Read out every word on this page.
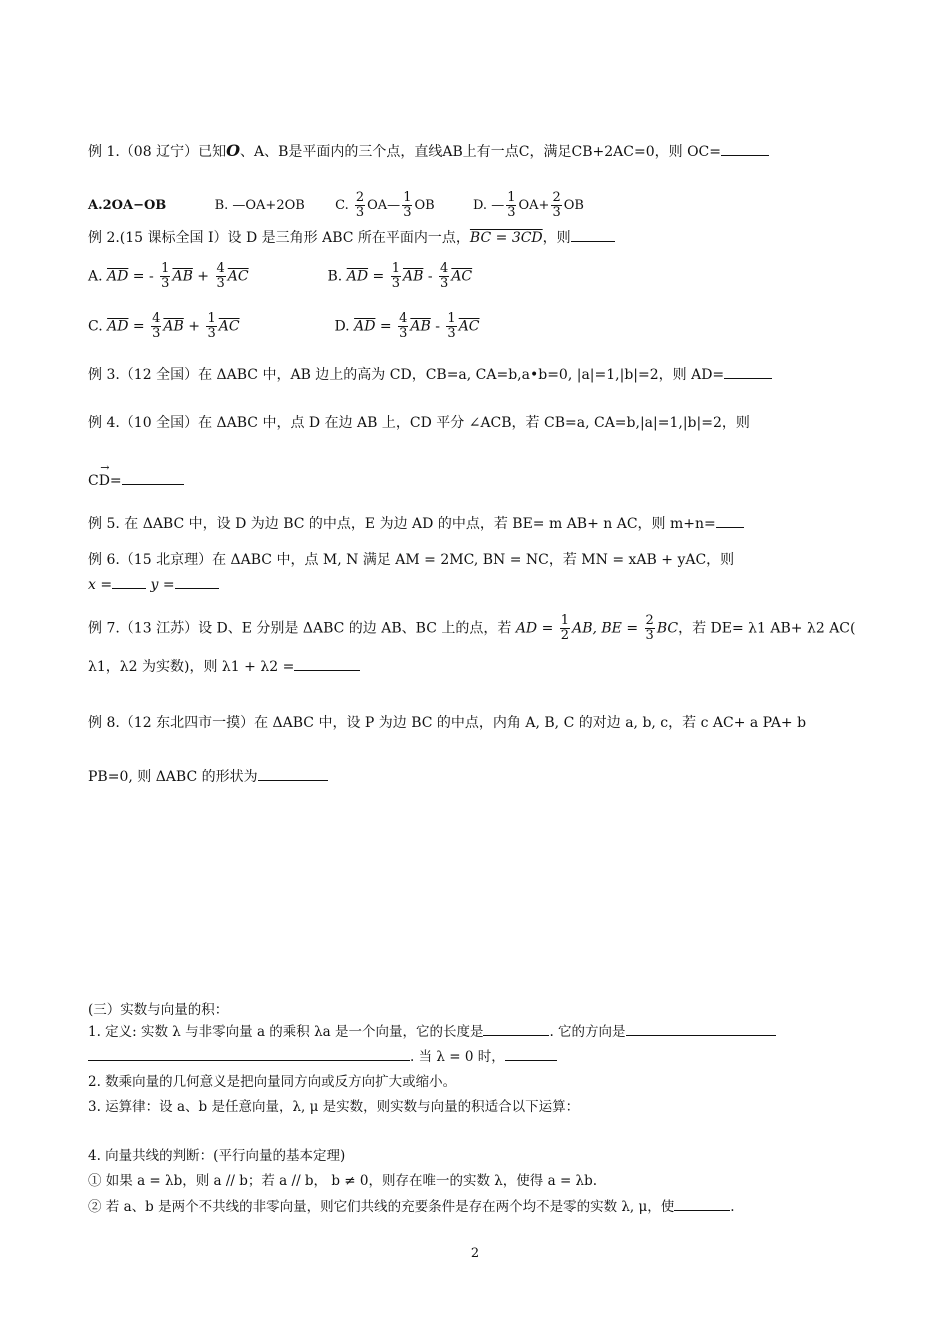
例 1.（08 辽宁）已知O、A、B是平面内的三个点，直线AB上有一点C，满足CB+2AC=0，则 OC=
A.2OA−OB	B. —OA+2OB C. $\frac{2}{3}$ OA— $\frac{1}{3}$ OB	D. — $\frac{1}{3} OA+ \frac{2}{3}$ OB
例 2.(15 课标全国 I）设 D 是三角形 ABC 所在平面内一点，BC = 3CD，则
A. $\overline{AD}$ = - $\frac{1}{3} \overline{AB} + \frac{4}{3} \overline{AC}$	B. $\overline{AD} = \frac{1}{3} \overline{AB} - \frac{4}{3} \overline{AC}$
C. $\overline{AD} = \frac{4}{3} \overline{AB} + \frac{1}{3} \overline{AC}$	D. $\overline{AD} = \frac{4}{3} \overline{AB} - \frac{1}{3} \overline{AC}$
例 3.（12 全国）在 ΔABC 中，AB 边上的高为 CD，CB=a, CA=b,a•b=0, |a|=1,|b|=2，则 AD=
例 4.（10 全国）在 ΔABC 中，点 D 在边 AB 上，CD 平分 ∠ACB，若 CB=a, CA=b,|a|=1,|b|=2，则
→ CD=
例 5. 在 ΔABC 中，设 D 为边 BC 的中点，E 为边 AD 的中点，若 BE= m AB+ n AC，则 m+n=
例 6.（15 北京理）在 ΔABC 中，点 M, N 满足 AM = 2MC, BN = NC，若 MN = xAB + yAC，则
x =	y =
例 7.（13 江苏）设 D、E 分别是 ΔABC 的边 AB、BC 上的点，若 AD = $\frac{1}{2}$ AB, BE = $\frac{2}{3}$ BC，若 DE= λ1 AB+ λ2 AC(
λ1，λ2 为实数)，则 λ1 + λ2 =
例 8.（12 东北四市一摸）在 ΔABC 中，设 P 为边 BC 的中点，内角 A, B, C 的对边 a, b, c，若 c AC+ a PA+ b
PB=0, 则 ΔABC 的形状为
(三）实数与向量的积：
1. 定义: 实数 λ 与非零向量 a 的乘积 λa 是一个向量，它的长度是	. 它的方向是
. 当 λ = 0 时，
2. 数乘向量的几何意义是把向量同方向或反方向扩大或缩小。
3. 运算律：设 a、b 是任意向量，λ, μ 是实数，则实数与向量的积适合以下运算：
4. 向量共线的判断：(平行向量的基本定理)
① 如果 a = λb，则 a // b；若 a // b， b ≠ 0，则存在唯一的实数 λ，使得 a = λb.
② 若 a、b 是两个不共线的非零向量，则它们共线的充要条件是存在两个均不是零的实数 λ, μ，使	.
2
